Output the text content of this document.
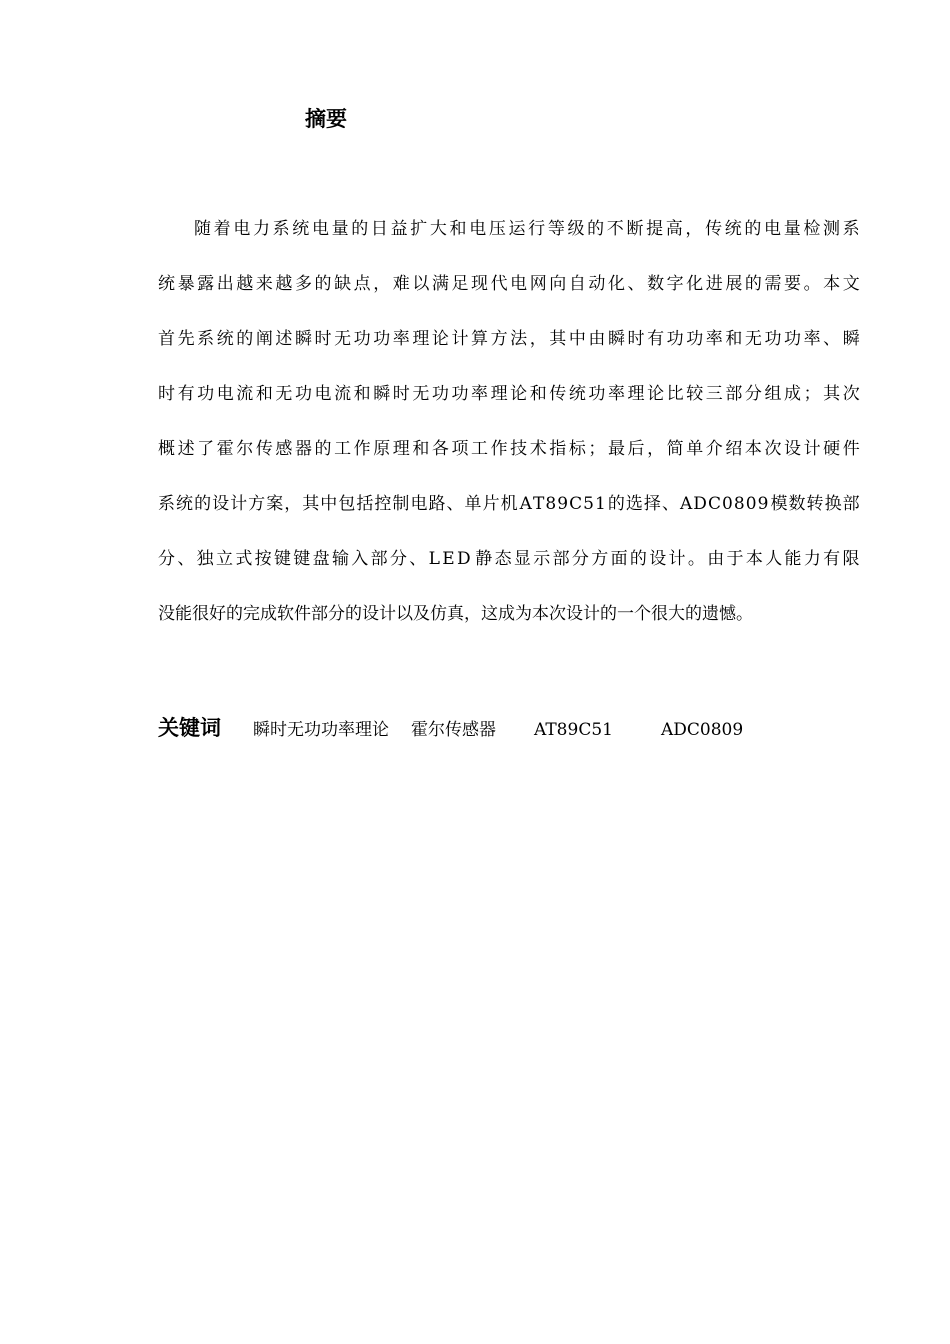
摘要
随 着 电 力 系 统 电 量 的 日 益 扩 大 和 电 压 运 行 等 级 的 不 断 提 高 ， 传 统 的 电 量 检 测 系
统 暴 露 出 越 来 越 多 的 缺 点 ， 难 以 满 足 现 代 电 网 向 自 动 化 、 数 字 化 进 展 的 需 要 。 本 文
首 先 系 统 的 阐 述 瞬 时 无 功 功 率 理 论 计 算 方 法 ， 其 中 由 瞬 时 有 功 功 率 和 无 功 功 率 、 瞬
时 有 功 电 流 和 无 功 电 流 和 瞬 时 无 功 功 率 理 论 和 传 统 功 率 理 论 比 较 三 部 分 组 成 ； 其 次
概 述 了 霍 尔 传 感 器 的 工 作 原 理 和 各 项 工 作 技 术 指 标 ； 最 后 ， 简 单 介 绍 本 次 设 计 硬 件
系 统 的 设 计 方 案 ， 其 中 包 括 控 制 电 路 、 单 片 机 A T 8 9 C 5 1 的 选 择 、 A D C 0 8 0 9 模 数 转 换 部
分 、 独 立 式 按 键 键 盘 输 入 部 分 、 L E D 静 态 显 示 部 分 方 面 的 设 计 。 由 于 本 人 能 力 有 限
没能很好的完成软件部分的设计以及仿真，这成为本次设计的一个很大的遗憾。
关键词 瞬时无功功率理论 霍尔传感器 AT89C51	ADC0809
